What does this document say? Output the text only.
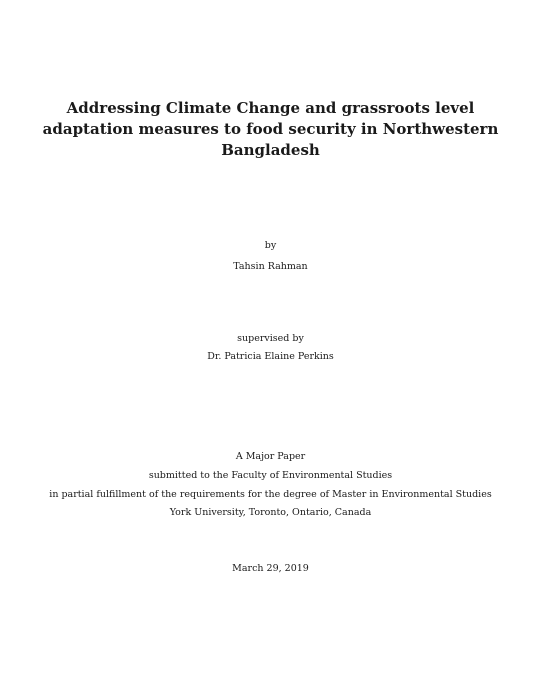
Addressing Climate Change and grassroots level
adaptation measures to food security in Northwestern
Bangladesh
by
Tahsin Rahman
supervised by
Dr. Patricia Elaine Perkins
A Major Paper
submitted to the Faculty of Environmental Studies
in partial fulfillment of the requirements for the degree of Master in Environmental Studies
York University, Toronto, Ontario, Canada
March 29, 2019
